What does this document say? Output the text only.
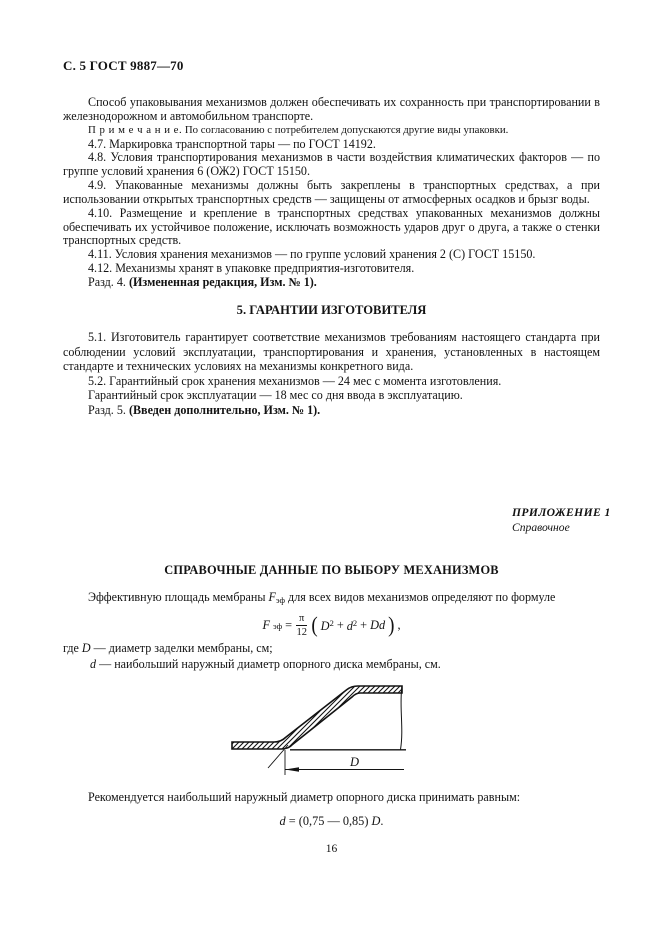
С. 5 ГОСТ 9887—70

Способ упаковывания механизмов должен обеспечивать их сохранность при транспортировании в железнодорожном и автомобильном транспорте.

П р и м е ч а н и е. По согласованию с потребителем допускаются другие виды упаковки.

4.7. Маркировка транспортной тары — по ГОСТ 14192.

4.8. Условия транспортирования механизмов в части воздействия климатических факторов — по группе условий хранения 6 (ОЖ2) ГОСТ 15150.

4.9. Упакованные механизмы должны быть закреплены в транспортных средствах, а при использовании открытых транспортных средств — защищены от атмосферных осадков и брызг воды.

4.10. Размещение и крепление в транспортных средствах упакованных механизмов должны обеспечивать их устойчивое положение, исключать возможность ударов друг о друга, а также о стенки транспортных средств.

4.11. Условия хранения механизмов — по группе условий хранения 2 (С) ГОСТ 15150.

4.12. Механизмы хранят в упаковке предприятия-изготовителя.

Разд. 4. (Измененная редакция, Изм. № 1).

5. ГАРАНТИИ ИЗГОТОВИТЕЛЯ

5.1. Изготовитель гарантирует соответствие механизмов требованиям настоящего стандарта при соблюдении условий эксплуатации, транспортирования и хранения, установленных в настоящем стандарте и технических условиях на механизмы конкретного вида.

5.2. Гарантийный срок хранения механизмов — 24 мес с момента изготовления.

Гарантийный срок эксплуатации — 18 мес со дня ввода в эксплуатацию.

Разд. 5. (Введен дополнительно, Изм. № 1).

ПРИЛОЖЕНИЕ 1
Справочное
СПРАВОЧНЫЕ ДАННЫЕ ПО ВЫБОРУ МЕХАНИЗМОВ

Эффективную площадь мембраны $F_{эф}$ для всех видов механизмов определяют по формуле

F эф = $\frac{\pi}{12}$ ( $D^2 + d^2 + Dd$ ) ,

где D — диаметр заделки мембраны, см;

d — наибольший наружный диаметр опорного диска мембраны, см.

D

Рекомендуется наибольший наружный диаметр опорного диска принимать равным:

d = (0,75 — 0,85) D.
16
